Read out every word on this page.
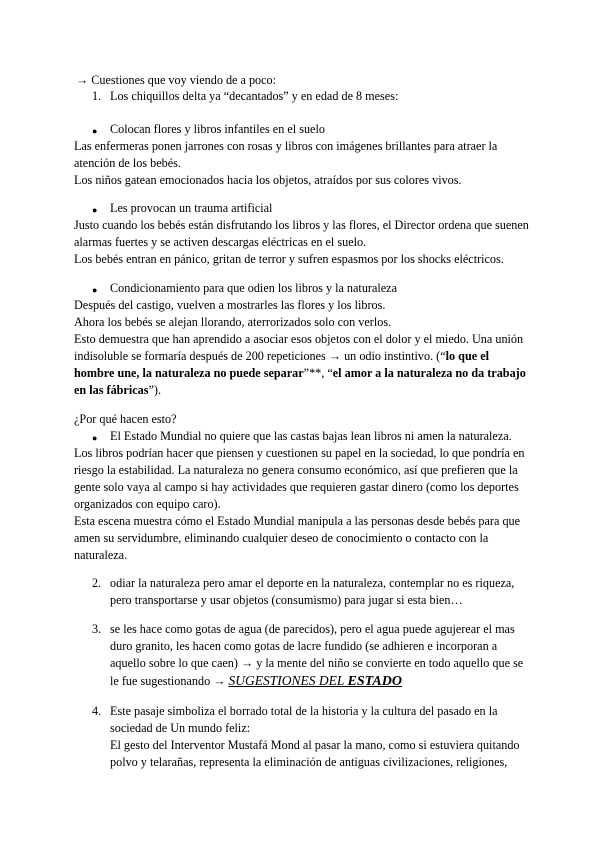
→ Cuestiones que voy viendo de a poco:
1. Los chiquillos delta ya “decantados” y en edad de 8 meses:
● Colocan flores y libros infantiles en el suelo
Las enfermeras ponen jarrones con rosas y libros con imágenes brillantes para atraer la
atención de los bebés.
Los niños gatean emocionados hacia los objetos, atraídos por sus colores vivos.
● Les provocan un trauma artificial
Justo cuando los bebés están disfrutando los libros y las flores, el Director ordena que suenen
alarmas fuertes y se activen descargas eléctricas en el suelo.
Los bebés entran en pánico, gritan de terror y sufren espasmos por los shocks eléctricos.
● Condicionamiento para que odien los libros y la naturaleza
Después del castigo, vuelven a mostrarles las flores y los libros.
Ahora los bebés se alejan llorando, aterrorizados solo con verlos.
Esto demuestra que han aprendido a asociar esos objetos con el dolor y el miedo. Una unión
indisoluble se formaría después de 200 repeticiones → un odio instintivo. (“lo que el
hombre une, la naturaleza no puede separar”**, “el amor a la naturaleza no da trabajo
en las fábricas”).
¿Por qué hacen esto?
● El Estado Mundial no quiere que las castas bajas lean libros ni amen la naturaleza.
Los libros podrían hacer que piensen y cuestionen su papel en la sociedad, lo que pondría en
riesgo la estabilidad. La naturaleza no genera consumo económico, así que prefieren que la
gente solo vaya al campo si hay actividades que requieren gastar dinero (como los deportes
organizados con equipo caro).
Esta escena muestra cómo el Estado Mundial manipula a las personas desde bebés para que
amen su servidumbre, eliminando cualquier deseo de conocimiento o contacto con la
naturaleza.
2. odiar la naturaleza pero amar el deporte en la naturaleza, contemplar no es riqueza,
pero transportarse y usar objetos (consumismo) para jugar si esta bien…
3. se les hace como gotas de agua (de parecidos), pero el agua puede agujerear el mas
duro granito, les hacen como gotas de lacre fundido (se adhieren e incorporan a
aquello sobre lo que caen) → y la mente del niño se convierte en todo aquello que se
le fue sugestionando → SUGESTIONES DEL ESTADO
4. Este pasaje simboliza el borrado total de la historia y la cultura del pasado en la
sociedad de Un mundo feliz:
El gesto del Interventor Mustafá Mond al pasar la mano, como si estuviera quitando
polvo y telarañas, representa la eliminación de antiguas civilizaciones, religiones,
